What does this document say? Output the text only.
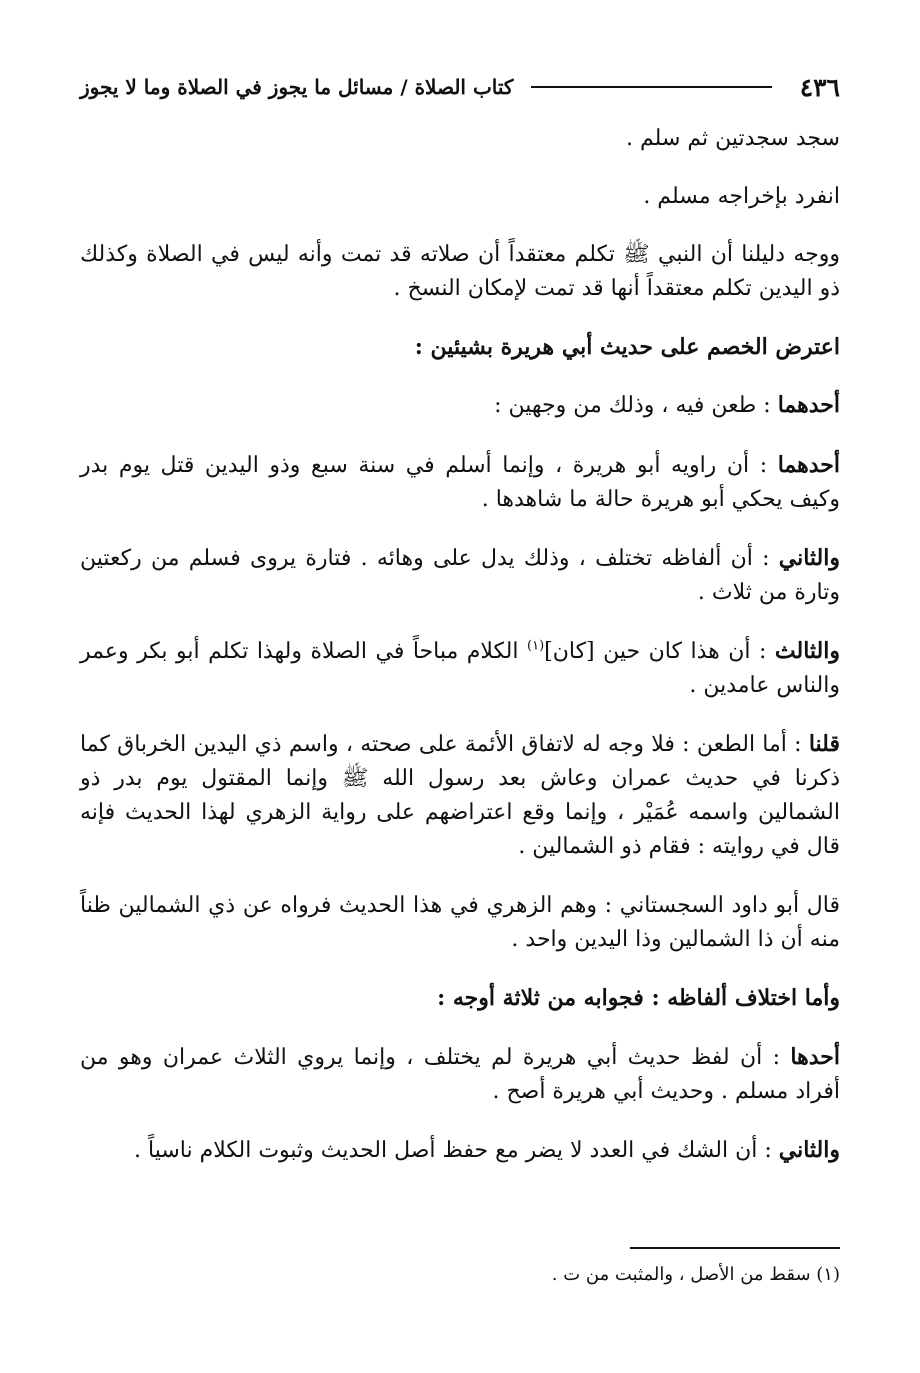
٤٣٦
كتاب الصلاة / مسائل ما يجوز في الصلاة وما لا يجوز

سجد سجدتين ثم سلم .

انفرد بإخراجه مسلم .

ووجه دليلنا أن النبي ﷺ تكلم معتقداً أن صلاته قد تمت وأنه ليس في الصلاة وكذلك ذو اليدين تكلم معتقداً أنها قد تمت لإمكان النسخ .

اعترض الخصم على حديث أبي هريرة بشيئين :

أحدهما : طعن فيه ، وذلك من وجهين :

أحدهما : أن راويه أبو هريرة ، وإنما أسلم في سنة سبع وذو اليدين قتل يوم بدر وكيف يحكي أبو هريرة حالة ما شاهدها .

والثاني : أن ألفاظه تختلف ، وذلك يدل على وهائه . فتارة يروى فسلم من ركعتين وتارة من ثلاث .

والثالث : أن هذا كان حين [كان]$^{(١)}$ الكلام مباحاً في الصلاة ولهذا تكلم أبو بكر وعمر والناس عامدين .

قلنا : أما الطعن : فلا وجه له لاتفاق الأئمة على صحته ، واسم ذي اليدين الخرباق كما ذكرنا في حديث عمران وعاش بعد رسول الله ﷺ وإنما المقتول يوم بدر ذو الشمالين واسمه عُمَيْر ، وإنما وقع اعتراضهم على رواية الزهري لهذا الحديث فإنه قال في روايته : فقام ذو الشمالين .

قال أبو داود السجستاني : وهم الزهري في هذا الحديث فرواه عن ذي الشمالين ظناً منه أن ذا الشمالين وذا اليدين واحد .

وأما اختلاف ألفاظه : فجوابه من ثلاثة أوجه :

أحدها : أن لفظ حديث أبي هريرة لم يختلف ، وإنما يروي الثلاث عمران وهو من أفراد مسلم . وحديث أبي هريرة أصح .

والثاني : أن الشك في العدد لا يضر مع حفظ أصل الحديث وثبوت الكلام ناسياً .

(١) سقط من الأصل ، والمثبت من ت .
